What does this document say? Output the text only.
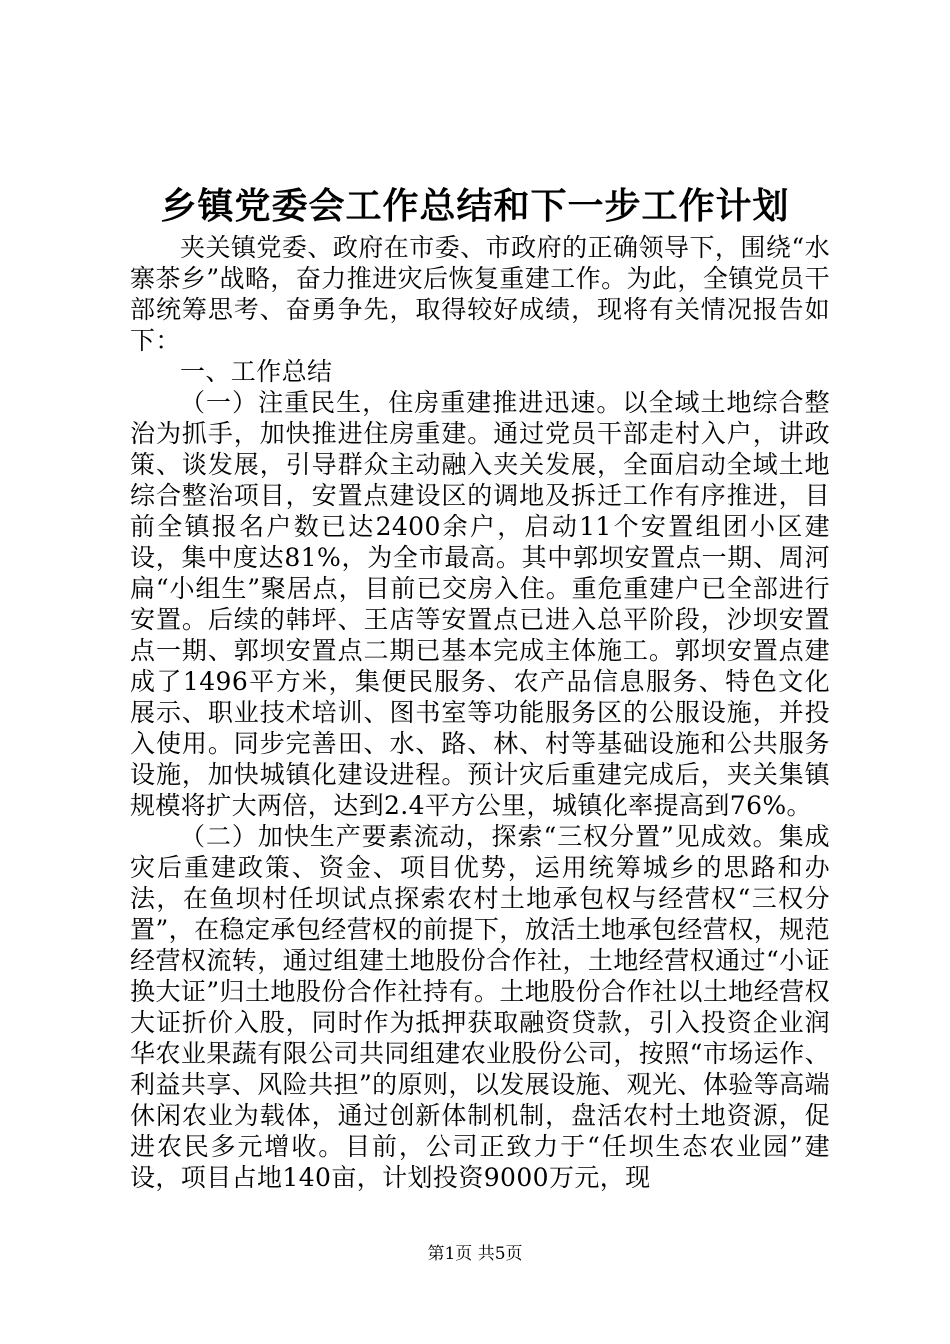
乡镇党委会工作总结和下一步工作计划

夹关镇党委、政府在市委、市政府的正确领导下，围绕“水寨茶乡”战略，奋力推进灾后恢复重建工作。为此，全镇党员干部统筹思考、奋勇争先，取得较好成绩，现将有关情况报告如下：

一、工作总结

（一）注重民生，住房重建推进迅速。以全域土地综合整治为抓手，加快推进住房重建。通过党员干部走村入户，讲政策、谈发展，引导群众主动融入夹关发展，全面启动全域土地综合整治项目，安置点建设区的调地及拆迁工作有序推进，目前全镇报名户数已达2400余户，启动11个安置组团小区建设，集中度达81%，为全市最高。其中郭坝安置点一期、周河扁“小组生”聚居点，目前已交房入住。重危重建户已全部进行安置。后续的韩坪、王店等安置点已进入总平阶段，沙坝安置点一期、郭坝安置点二期已基本完成主体施工。郭坝安置点建成了1496平方米，集便民服务、农产品信息服务、特色文化展示、职业技术培训、图书室等功能服务区的公服设施，并投入使用。同步完善田、水、路、林、村等基础设施和公共服务设施，加快城镇化建设进程。预计灾后重建完成后，夹关集镇规模将扩大两倍，达到2.4平方公里，城镇化率提高到76%。

（二）加快生产要素流动，探索“三权分置”见成效。集成灾后重建政策、资金、项目优势，运用统筹城乡的思路和办法，在鱼坝村任坝试点探索农村土地承包权与经营权“三权分置”，在稳定承包经营权的前提下，放活土地承包经营权，规范经营权流转，通过组建土地股份合作社，土地经营权通过“小证换大证”归土地股份合作社持有。土地股份合作社以土地经营权大证折价入股，同时作为抵押获取融资贷款，引入投资企业润华农业果蔬有限公司共同组建农业股份公司，按照“市场运作、利益共享、风险共担”的原则，以发展设施、观光、体验等高端休闲农业为载体，通过创新体制机制，盘活农村土地资源，促进农民多元增收。目前，公司正致力于“任坝生态农业园”建设，项目占地140亩，计划投资9000万元，现

第1页 共5页
